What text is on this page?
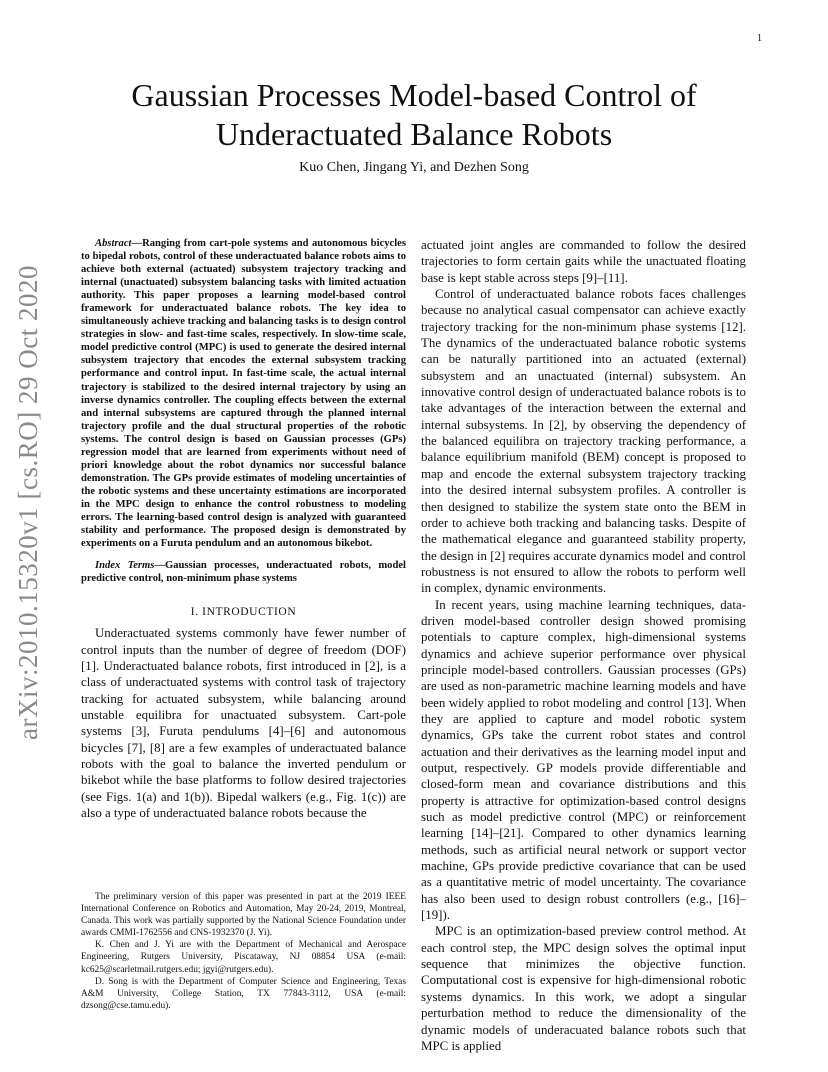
1
Gaussian Processes Model-based Control of Underactuated Balance Robots
Kuo Chen, Jingang Yi, and Dezhen Song
arXiv:2010.15320v1 [cs.RO] 29 Oct 2020

Abstract—Ranging from cart-pole systems and autonomous bicycles to bipedal robots, control of these underactuated balance robots aims to achieve both external (actuated) subsystem trajectory tracking and internal (unactuated) subsystem balancing tasks with limited actuation authority. This paper proposes a learning model-based control framework for underactuated balance robots. The key idea to simultaneously achieve tracking and balancing tasks is to design control strategies in slow- and fast-time scales, respectively. In slow-time scale, model predictive control (MPC) is used to generate the desired internal subsystem trajectory that encodes the external subsystem tracking performance and control input. In fast-time scale, the actual internal trajectory is stabilized to the desired internal trajectory by using an inverse dynamics controller. The coupling effects between the external and internal subsystems are captured through the planned internal trajectory profile and the dual structural properties of the robotic systems. The control design is based on Gaussian processes (GPs) regression model that are learned from experiments without need of priori knowledge about the robot dynamics nor successful balance demonstration. The GPs provide estimates of modeling uncertainties of the robotic systems and these uncertainty estimations are incorporated in the MPC design to enhance the control robustness to modeling errors. The learning-based control design is analyzed with guaranteed stability and performance. The proposed design is demonstrated by experiments on a Furuta pendulum and an autonomous bikebot.

Index Terms—Gaussian processes, underactuated robots, model predictive control, non-minimum phase systems

I. INTRODUCTION

Underactuated systems commonly have fewer number of control inputs than the number of degree of freedom (DOF) [1]. Underactuated balance robots, first introduced in [2], is a class of underactuated systems with control task of trajectory tracking for actuated subsystem, while balancing around unstable equilibra for unactuated subsystem. Cart-pole systems [3], Furuta pendulums [4]–[6] and autonomous bicycles [7], [8] are a few examples of underactuated balance robots with the goal to balance the inverted pendulum or bikebot while the base platforms to follow desired trajectories (see Figs. 1(a) and 1(b)). Bipedal walkers (e.g., Fig. 1(c)) are also a type of underactuated balance robots because the

The preliminary version of this paper was presented in part at the 2019 IEEE International Conference on Robotics and Automation, May 20-24, 2019, Montreal, Canada. This work was partially supported by the National Science Foundation under awards CMMI-1762556 and CNS-1932370 (J. Yi).

K. Chen and J. Yi are with the Department of Mechanical and Aerospace Engineering, Rutgers University, Piscataway, NJ 08854 USA (e-mail: kc625@scarletmail.rutgers.edu; jgyi@rutgers.edu).

D. Song is with the Department of Computer Science and Engineering, Texas A&M University, College Station, TX 77843-3112, USA (e-mail: dzsong@cse.tamu.edu).

actuated joint angles are commanded to follow the desired trajectories to form certain gaits while the unactuated floating base is kept stable across steps [9]–[11].

Control of underactuated balance robots faces challenges because no analytical casual compensator can achieve exactly trajectory tracking for the non-minimum phase systems [12]. The dynamics of the underactuated balance robotic systems can be naturally partitioned into an actuated (external) subsystem and an unactuated (internal) subsystem. An innovative control design of underactuated balance robots is to take advantages of the interaction between the external and internal subsystems. In [2], by observing the dependency of the balanced equilibra on trajectory tracking performance, a balance equilibrium manifold (BEM) concept is proposed to map and encode the external subsystem trajectory tracking into the desired internal subsystem profiles. A controller is then designed to stabilize the system state onto the BEM in order to achieve both tracking and balancing tasks. Despite of the mathematical elegance and guaranteed stability property, the design in [2] requires accurate dynamics model and control robustness is not ensured to allow the robots to perform well in complex, dynamic environments.

In recent years, using machine learning techniques, data-driven model-based controller design showed promising potentials to capture complex, high-dimensional systems dynamics and achieve superior performance over physical principle model-based controllers. Gaussian processes (GPs) are used as non-parametric machine learning models and have been widely applied to robot modeling and control [13]. When they are applied to capture and model robotic system dynamics, GPs take the current robot states and control actuation and their derivatives as the learning model input and output, respectively. GP models provide differentiable and closed-form mean and covariance distributions and this property is attractive for optimization-based control designs such as model predictive control (MPC) or reinforcement learning [14]–[21]. Compared to other dynamics learning methods, such as artificial neural network or support vector machine, GPs provide predictive covariance that can be used as a quantitative metric of model uncertainty. The covariance has also been used to design robust controllers (e.g., [16]–[19]).

MPC is an optimization-based preview control method. At each control step, the MPC design solves the optimal input sequence that minimizes the objective function. Computational cost is expensive for high-dimensional robotic systems dynamics. In this work, we adopt a singular perturbation method to reduce the dimensionality of the dynamic models of underacuated balance robots such that MPC is applied
